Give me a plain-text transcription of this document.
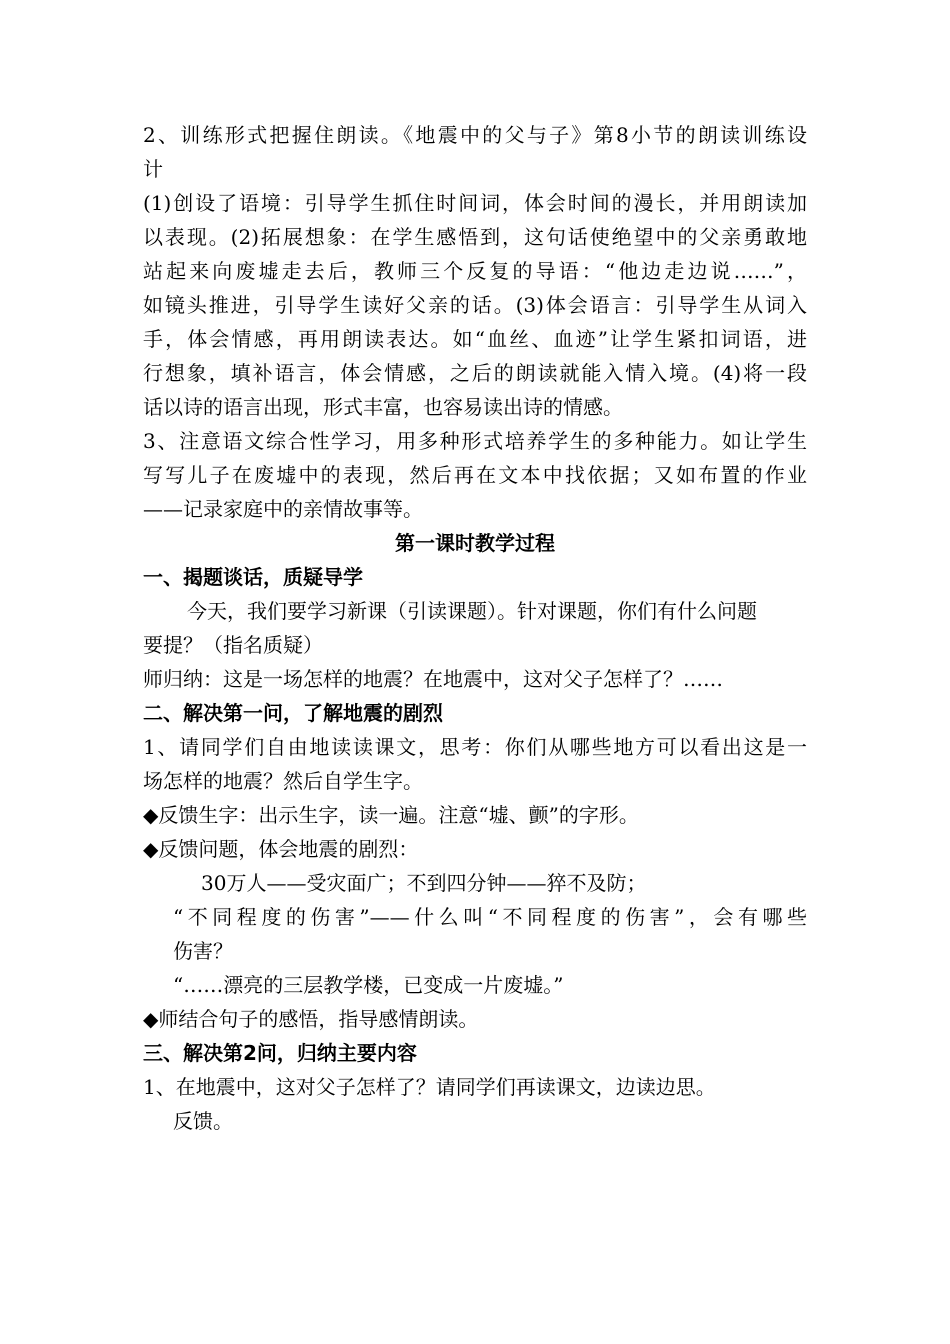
2、训练形式把握住朗读。《地震中的父与子》第8小节的朗读训练设
计
(1)创设了语境：引导学生抓住时间词，体会时间的漫长，并用朗读加
以表现。(2)拓展想象：在学生感悟到，这句话使绝望中的父亲勇敢地
站起来向废墟走去后，教师三个反复的导语：“他边走边说……”，
如镜头推进，引导学生读好父亲的话。(3)体会语言：引导学生从词入
手，体会情感，再用朗读表达。如“血丝、血迹”让学生紧扣词语，进
行想象，填补语言，体会情感，之后的朗读就能入情入境。(4)将一段
话以诗的语言出现，形式丰富，也容易读出诗的情感。
3、注意语文综合性学习，用多种形式培养学生的多种能力。如让学生
写写儿子在废墟中的表现，然后再在文本中找依据；又如布置的作业
——记录家庭中的亲情故事等。
第一课时教学过程
一、揭题谈话，质疑导学
今天，我们要学习新课（引读课题）。针对课题，你们有什么问题
要提？（指名质疑）
师归纳：这是一场怎样的地震？在地震中，这对父子怎样了？……
二、解决第一问，了解地震的剧烈
1、请同学们自由地读读课文，思考：你们从哪些地方可以看出这是一
场怎样的地震？然后自学生字。
◆反馈生字：出示生字，读一遍。注意“墟、颤”的字形。
◆反馈问题，体会地震的剧烈：
30万人——受灾面广；不到四分钟——猝不及防；
“不同程度的伤害”——什么叫“不同程度的伤害”，会有哪些
伤害？
“……漂亮的三层教学楼，已变成一片废墟。”
◆师结合句子的感悟，指导感情朗读。
三、解决第2问，归纳主要内容
1、在地震中，这对父子怎样了？请同学们再读课文，边读边思。
反馈。
